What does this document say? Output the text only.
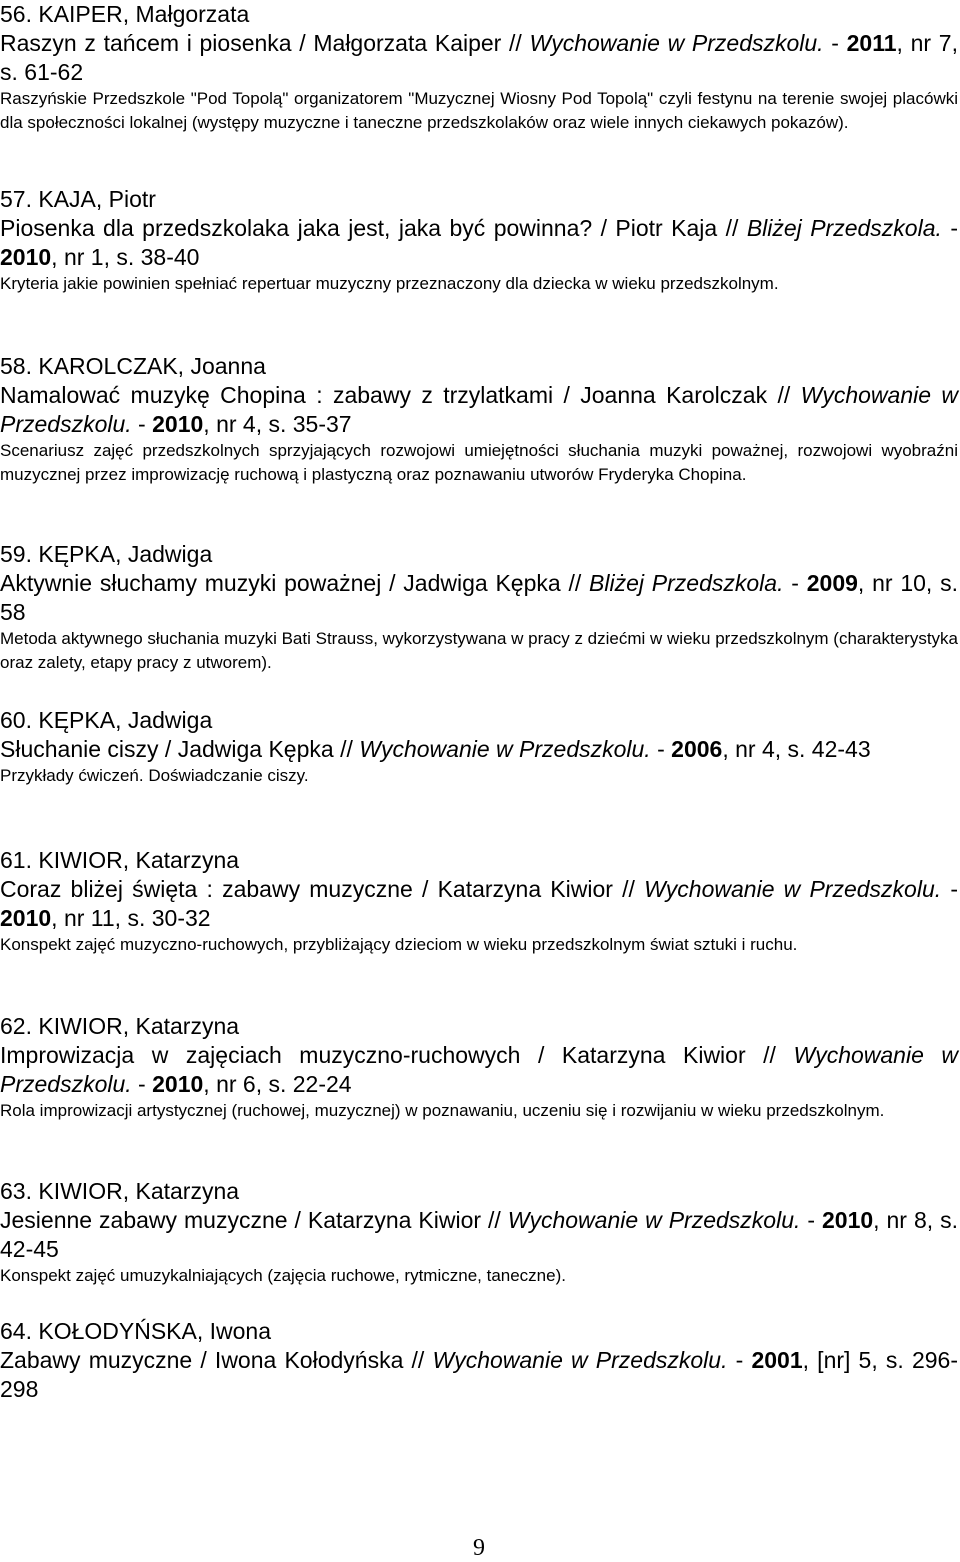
56. KAIPER, Małgorzata
Raszyn z tańcem i piosenka / Małgorzata Kaiper // Wychowanie w Przedszkolu. - 2011, nr 7, s. 61-62
Raszyńskie Przedszkole "Pod Topolą" organizatorem "Muzycznej Wiosny Pod Topolą" czyli festynu na terenie swojej placówki dla społeczności lokalnej (występy muzyczne i taneczne przedszkolaków oraz wiele innych ciekawych pokazów).
57. KAJA, Piotr
Piosenka dla przedszkolaka jaka jest, jaka być powinna? / Piotr Kaja // Bliżej Przedszkola. - 2010, nr 1, s. 38-40
Kryteria jakie powinien spełniać repertuar muzyczny przeznaczony dla dziecka w wieku przedszkolnym.
58. KAROLCZAK, Joanna
Namalować muzykę Chopina : zabawy z trzylatkami / Joanna Karolczak // Wychowanie w Przedszkolu. - 2010, nr 4, s. 35-37
Scenariusz zajęć przedszkolnych sprzyjających rozwojowi umiejętności słuchania muzyki poważnej, rozwojowi wyobraźni muzycznej przez improwizację ruchową i plastyczną oraz poznawaniu utworów Fryderyka Chopina.
59. KĘPKA, Jadwiga
Aktywnie słuchamy muzyki poważnej / Jadwiga Kępka // Bliżej Przedszkola. - 2009, nr 10, s. 58
Metoda aktywnego słuchania muzyki Bati Strauss, wykorzystywana w pracy z dziećmi w wieku przedszkolnym (charakterystyka oraz zalety, etapy pracy z utworem).
60. KĘPKA, Jadwiga
Słuchanie ciszy / Jadwiga Kępka // Wychowanie w Przedszkolu. - 2006, nr 4, s. 42-43
Przykłady ćwiczeń. Doświadczanie ciszy.
61. KIWIOR, Katarzyna
Coraz bliżej święta : zabawy muzyczne / Katarzyna Kiwior // Wychowanie w Przedszkolu. - 2010, nr 11, s. 30-32
Konspekt zajęć muzyczno-ruchowych, przybliżający dzieciom w wieku przedszkolnym świat sztuki i ruchu.
62. KIWIOR, Katarzyna
Improwizacja w zajęciach muzyczno-ruchowych / Katarzyna Kiwior // Wychowanie w Przedszkolu. - 2010, nr 6, s. 22-24
Rola improwizacji artystycznej (ruchowej, muzycznej) w poznawaniu, uczeniu się i rozwijaniu w wieku przedszkolnym.
63. KIWIOR, Katarzyna
Jesienne zabawy muzyczne / Katarzyna Kiwior // Wychowanie w Przedszkolu. - 2010, nr 8, s. 42-45
Konspekt zajęć umuzykalniających (zajęcia ruchowe, rytmiczne, taneczne).
64. KOŁODYŃSKA, Iwona
Zabawy muzyczne / Iwona Kołodyńska // Wychowanie w Przedszkolu. - 2001, [nr] 5, s. 296-298
9
